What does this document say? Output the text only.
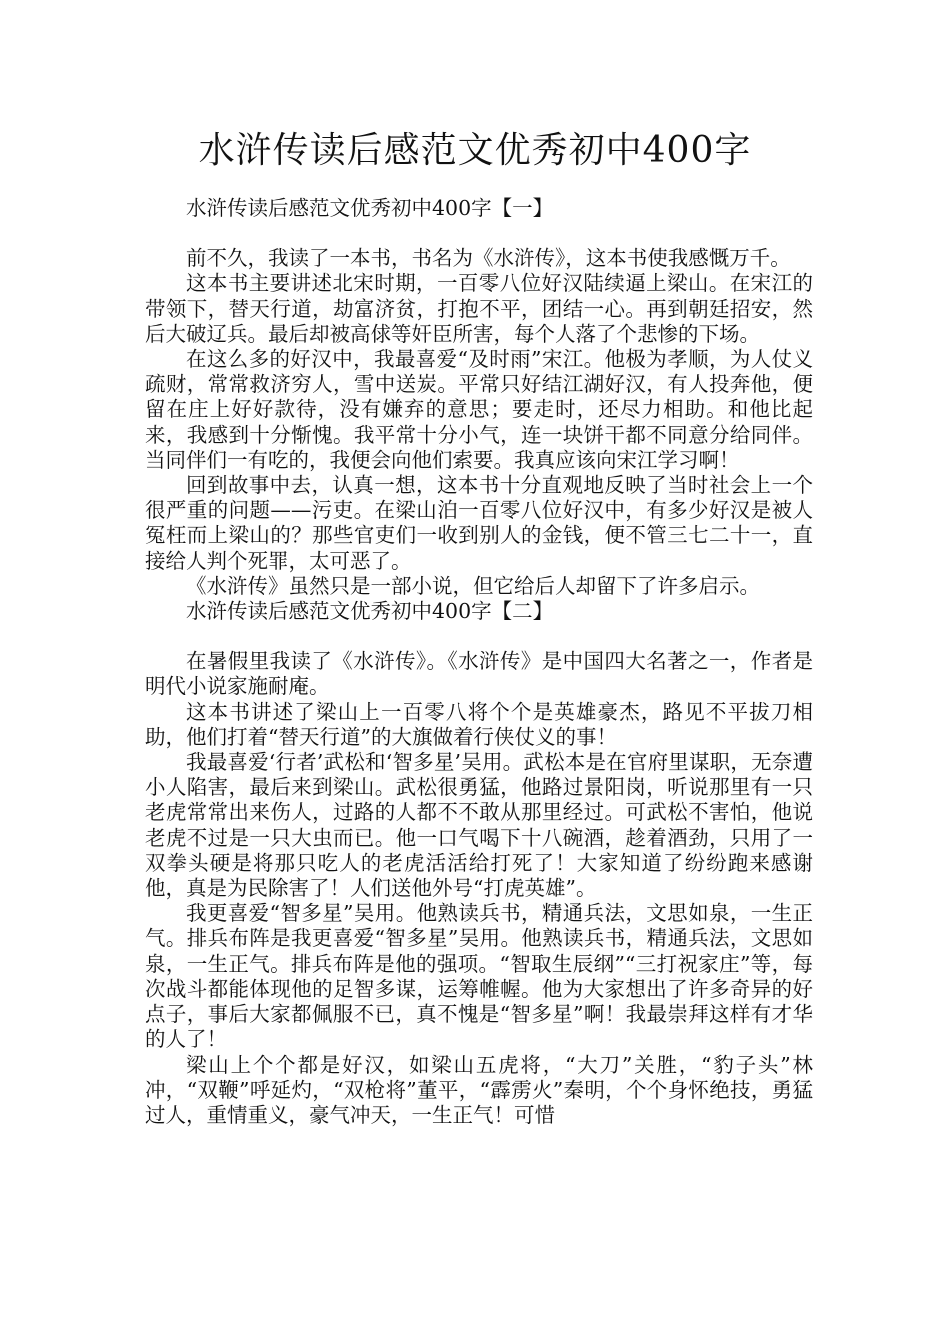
水浒传读后感范文优秀初中400字

水浒传读后感范文优秀初中400字【一】

前不久，我读了一本书，书名为《水浒传》，这本书使我感慨万千。

这本书主要讲述北宋时期，一百零八位好汉陆续逼上梁山。在宋江的带领下，替天行道，劫富济贫，打抱不平，团结一心。再到朝廷招安，然后大破辽兵。最后却被高俅等奸臣所害，每个人落了个悲惨的下场。

在这么多的好汉中，我最喜爱“及时雨”宋江。他极为孝顺，为人仗义疏财，常常救济穷人，雪中送炭。平常只好结江湖好汉，有人投奔他，便留在庄上好好款待，没有嫌弃的意思；要走时，还尽力相助。和他比起来，我感到十分惭愧。我平常十分小气，连一块饼干都不同意分给同伴。当同伴们一有吃的，我便会向他们索要。我真应该向宋江学习啊！

回到故事中去，认真一想，这本书十分直观地反映了当时社会上一个很严重的问题——污吏。在梁山泊一百零八位好汉中，有多少好汉是被人冤枉而上梁山的？那些官吏们一收到别人的金钱，便不管三七二十一，直接给人判个死罪，太可恶了。

《水浒传》虽然只是一部小说，但它给后人却留下了许多启示。

水浒传读后感范文优秀初中400字【二】

在暑假里我读了《水浒传》。《水浒传》是中国四大名著之一，作者是明代小说家施耐庵。

这本书讲述了梁山上一百零八将个个是英雄豪杰，路见不平拔刀相助，他们打着“替天行道”的大旗做着行侠仗义的事！

我最喜爱‘行者’武松和‘智多星’吴用。武松本是在官府里谋职，无奈遭小人陷害，最后来到梁山。武松很勇猛，他路过景阳岗，听说那里有一只老虎常常出来伤人，过路的人都不不敢从那里经过。可武松不害怕，他说老虎不过是一只大虫而已。他一口气喝下十八碗酒，趁着酒劲，只用了一双拳头硬是将那只吃人的老虎活活给打死了！大家知道了纷纷跑来感谢他，真是为民除害了！人们送他外号“打虎英雄”。

我更喜爱“智多星”吴用。他熟读兵书，精通兵法，文思如泉，一生正气。排兵布阵是我更喜爱“智多星”吴用。他熟读兵书，精通兵法，文思如泉，一生正气。排兵布阵是他的强项。“智取生辰纲”“三打祝家庄”等，每次战斗都能体现他的足智多谋，运筹帷幄。他为大家想出了许多奇异的好点子，事后大家都佩服不已，真不愧是“智多星”啊！我最崇拜这样有才华的人了！

梁山上个个都是好汉，如梁山五虎将，“大刀”关胜，“豹子头”林冲，“双鞭”呼延灼，“双枪将”董平，“霹雳火”秦明，个个身怀绝技，勇猛过人，重情重义，豪气冲天，一生正气！可惜
